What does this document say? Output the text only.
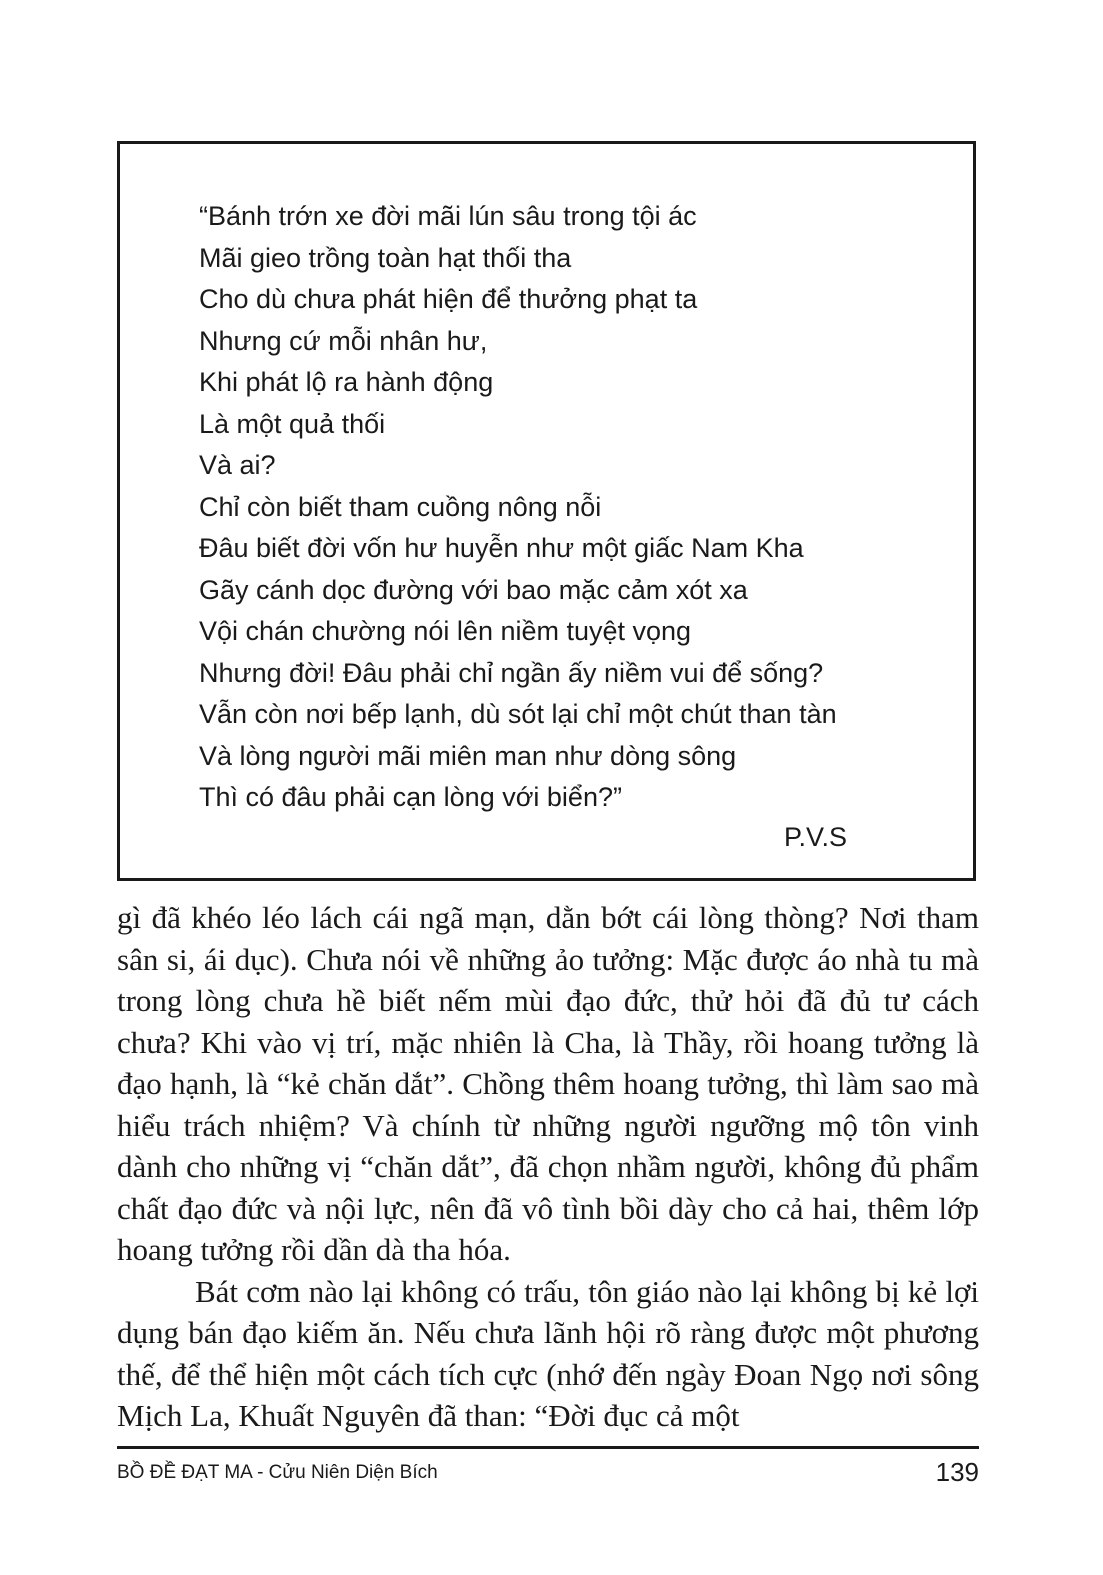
“Bánh trớn xe đời mãi lún sâu trong tội ác
Mãi gieo trồng toàn hạt thối tha
Cho dù chưa phát hiện để thưởng phạt ta
Nhưng cứ mỗi nhân hư,
Khi phát lộ ra hành động
Là một quả thối
Và ai?
Chỉ còn biết tham cuồng nông nỗi
Đâu biết đời vốn hư huyễn như một giấc Nam Kha
Gãy cánh dọc đường với bao mặc cảm xót xa
Vội chán chường nói lên niềm tuyệt vọng
Nhưng đời! Đâu phải chỉ ngần ấy niềm vui để sống?
Vẫn còn nơi bếp lạnh, dù sót lại chỉ một chút than tàn
Và lòng người mãi miên man như dòng sông
Thì có đâu phải cạn lòng với biển?”
P.V.S

gì đã khéo léo lách cái ngã mạn, dằn bớt cái lòng thòng? Nơi tham sân si, ái dục). Chưa nói về những ảo tưởng: Mặc được áo nhà tu mà trong lòng chưa hề biết nếm mùi đạo đức, thử hỏi đã đủ tư cách chưa? Khi vào vị trí, mặc nhiên là Cha, là Thầy, rồi hoang tưởng là đạo hạnh, là “kẻ chăn dắt”. Chồng thêm hoang tưởng, thì làm sao mà hiểu trách nhiệm? Và chính từ những người ngưỡng mộ tôn vinh dành cho những vị “chăn dắt”, đã chọn nhầm người, không đủ phẩm chất đạo đức và nội lực, nên đã vô tình bồi dày cho cả hai, thêm lớp hoang tưởng rồi dần dà tha hóa.

Bát cơm nào lại không có trấu, tôn giáo nào lại không bị kẻ lợi dụng bán đạo kiếm ăn. Nếu chưa lãnh hội rõ ràng được một phương thế, để thể hiện một cách tích cực (nhớ đến ngày Đoan Ngọ nơi sông Mịch La, Khuất Nguyên đã than: “Đời đục cả một

BỒ ĐỀ ĐẠT MA - Cửu Niên Diện Bích	139
